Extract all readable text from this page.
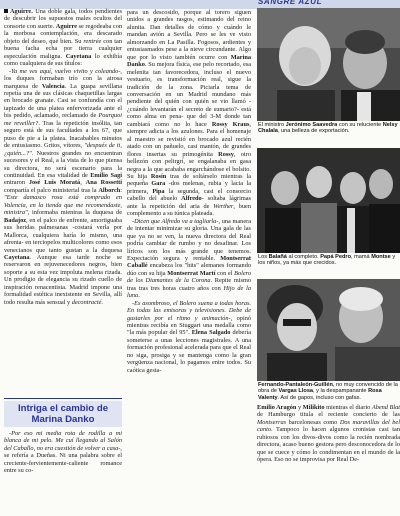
SANGRE AZUL

Aguirre. Una doble gala, todos pendientes de descubrir los supuestos males ocultos del consorte con suerte. Aguirre se regodeaba con la morbosa contemplación, era descarado objeto del deseo, qué bien. Su rentrée con tan buena facha echa por tierra cualquier especulación maligna. Cayetana lo exhibía como cualquiera de sus títulos:

-Ya me ves aquí, vuelvo vivito y coleando-, los duques formaban trío con la airosa marquesa de Valencia. La guapa sevillana repetía una de sus clásicas chaquetillas largas en brocado granate. Casi se confundía con el tapizado de una platea enfervorizada ante el bis pedido, aclamado, reclamado de Pourquoi me reveiller?. Tras la repetición insólita, tan seguro está de sus facultades a los 67, que puso de pie a la platea. Inacabables minutos de entusiasmo. Gritos, vítores, "después de ti, ¿quién...?". Nuestros grandes no encuentran sucesores y el Real, a la vista de lo que piensa su directora, no será escenario para la continuidad. En esa vitalidad de Emilio Sagi entraron José Luis Moratá, Ana Rossetti compartía el palco ministerial tras la Alborch: "Este damasco rosa está comprado en Valencia, en la tienda que me recomendaste, ministra", informaba mientras la duquesa de Badajoz, en el palco de enfrente, amortiguaba sus heridas palmesanas -costará verla por Mallorca, cualquiera haría lo mismo, una afrenta- en terciopelos multicolores como esos venecianos que tanto gustan a la duquesa Cayetana. Aunque esa tarde noche se reservaron en rejuvenecedores negros, bien soporte a su esta vez impoluta melena rizada. Un prodigio de elegancia su rizado cuello de inspiración renacentista. Madrid impone una formalidad estética inexistente en Sevilla, allí todo resulta más sensual y decontracté.

Intriga el cambio de Marina Danko

-Por eso mi media rota de rodilla a mi blanca de mi pelo. Me cuí llegando al Salón del Caballo, no era cuestión de volver a casa-, se refería a Dueñas. Ni una palabra sobre el creciente-fervientemente-caliente romance entre su co-

para un descosido, porque al torero siguen unidos a grandes rasgos, estimando del reino alunita. Dan detalles de cómo y cuándo le mandan avión a Sevilla. Pero se les ve visto almorzando en La Pasilla. Fogosos, ardientes y entusiasmados pese a la nieve circundante. Algo que por lo visto también ocurre con Marina Danko. Su mejora física, ese pelo recortado, esa melenita tan favorecedora, incluso el nuevo vestuario, es transformación real, sigue la tradición de la zona. Piciarla tema de conversación en un Madrid mundano más pendiente del quién con quién se vio llamó -¿cuándo levantarán el secreto de sumario?- está como alma en pena- que del 3-M donde tan cambiará como no lo hace Rossy Kraus, siempre adicta a los azulones. Para el homenaje al maestro se revistió en brocado azul recién atado con un pañuelo, casi mantón, de grandes flores insertas su primogénita Rossy, otro bellezón con pelirgrí, se engalanaba en gasa negra a la que acababa engarchándose el bolsito. Su hija Rosín tras de soltárselo mientras la pequeña Gara -dos melenas, rubia y lacia la primera, Pipa la segunda, casi el consorcio cabello del abuelo Alfredo- soltaba lágrimas ante la repetición del aria de Werther, buen complemento a su túnica plateada.

-Dicen que Alfredo va a tagliarla-, una manera de intentar minimizar su gloria. Una gala de las que ya no se ven, la nueva directora del Real podría cambiar de rumbo y no desafinar. Los líricos son los más grande que tenemos. Expectación segura y rentable. Montserrat Caballé encabeza los "hits" alemanes formando dúo con su hija Montserrat Martí con el Bolero de los Diamantes de la Corona. Repite mismo tras tras tres horas cuatro años con Hijo de la luna.

-Es asombroso, el Bolero suena a todas horas. En todas las emisoras y televisiones. Debe de gustarles por el ritmo y animación-, opinó mientras recibía en Stuggart una medalla como "la más popular del 95". Elena Salgado debería someterse a unas lecciones magistrales. A una formación profesional acelerada para que el Real no siga, prosiga y se mantenga como la gran vergüenza nacional, lo pagamos entre todos. Su caótica gesta-

El ministro Jerónimo Saavedra con su reluciente Nelsy Chalala, una belleza de exportación.
Los Balañá al completo. Papá Pedro, mamá Montse y los niños, ya más que crecidos.
Fernando-Pantaleón-Guillén, no muy convencido de la obra de Vargas Llosa, y la despampanante Rosa Valenty. Así de gapos, incluso con gafas.

Emilio Aragón y Milikito mientras el diario Abend Blat de Hamburgo titula el reciente concierto de las Montserras barcelonesas como Dos maravillas del bel canto. Tampoco lo hacen algunos cronistas casi tan rubiosos con los divos-divos como la recién nombrada directora, acaso bueno gestora pero desconocedora de lo que se cuece y cómo lo condimentan en el mundo de la ópera. Eso no se improvisa por Real De-
